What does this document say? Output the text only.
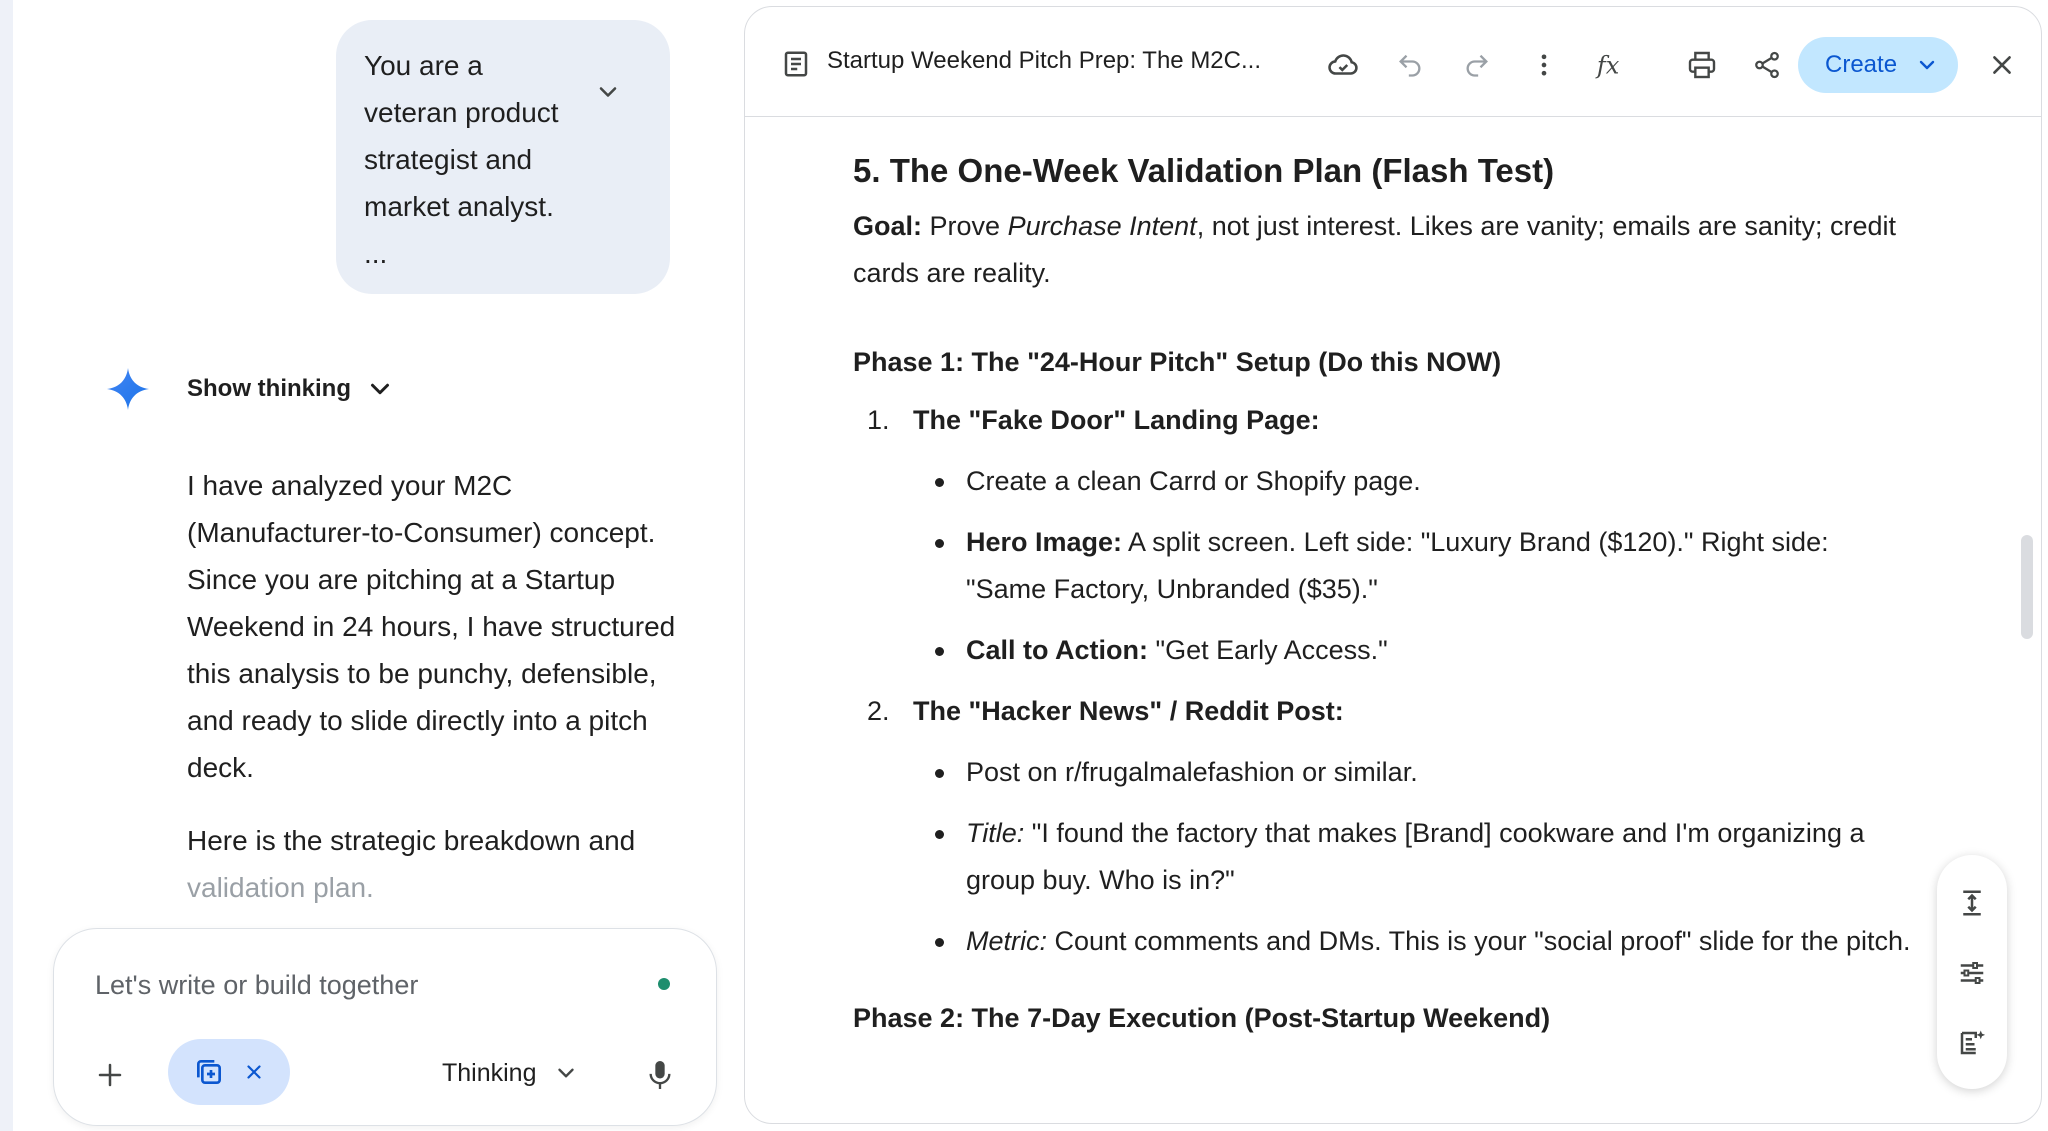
You are a
veteran product
strategist and
market analyst.
...
Show thinking

I have analyzed your M2C (Manufacturer-to-Consumer) concept. Since you are pitching at a Startup Weekend in 24 hours, I have structured this analysis to be punchy, defensible, and ready to slide directly into a pitch deck.

Here is the strategic breakdown and
validation plan.

Let's write or build together
Thinking
Startup Weekend Pitch Prep: The M2C...	fx	Create
5. The One-Week Validation Plan (Flash Test)
Goal: Prove Purchase Intent, not just interest. Likes are vanity; emails are sanity; credit cards are reality.
Phase 1: The "24-Hour Pitch" Setup (Do this NOW)
1. The "Fake Door" Landing Page:
Create a clean Carrd or Shopify page.
Hero Image: A split screen. Left side: "Luxury Brand ($120)." Right side: "Same Factory, Unbranded ($35)."
Call to Action: "Get Early Access."
2. The "Hacker News" / Reddit Post:
Post on r/frugalmalefashion or similar.
Title: "I found the factory that makes [Brand] cookware and I'm organizing a group buy. Who is in?"
Metric: Count comments and DMs. This is your "social proof" slide for the pitch.
Phase 2: The 7-Day Execution (Post-Startup Weekend)
